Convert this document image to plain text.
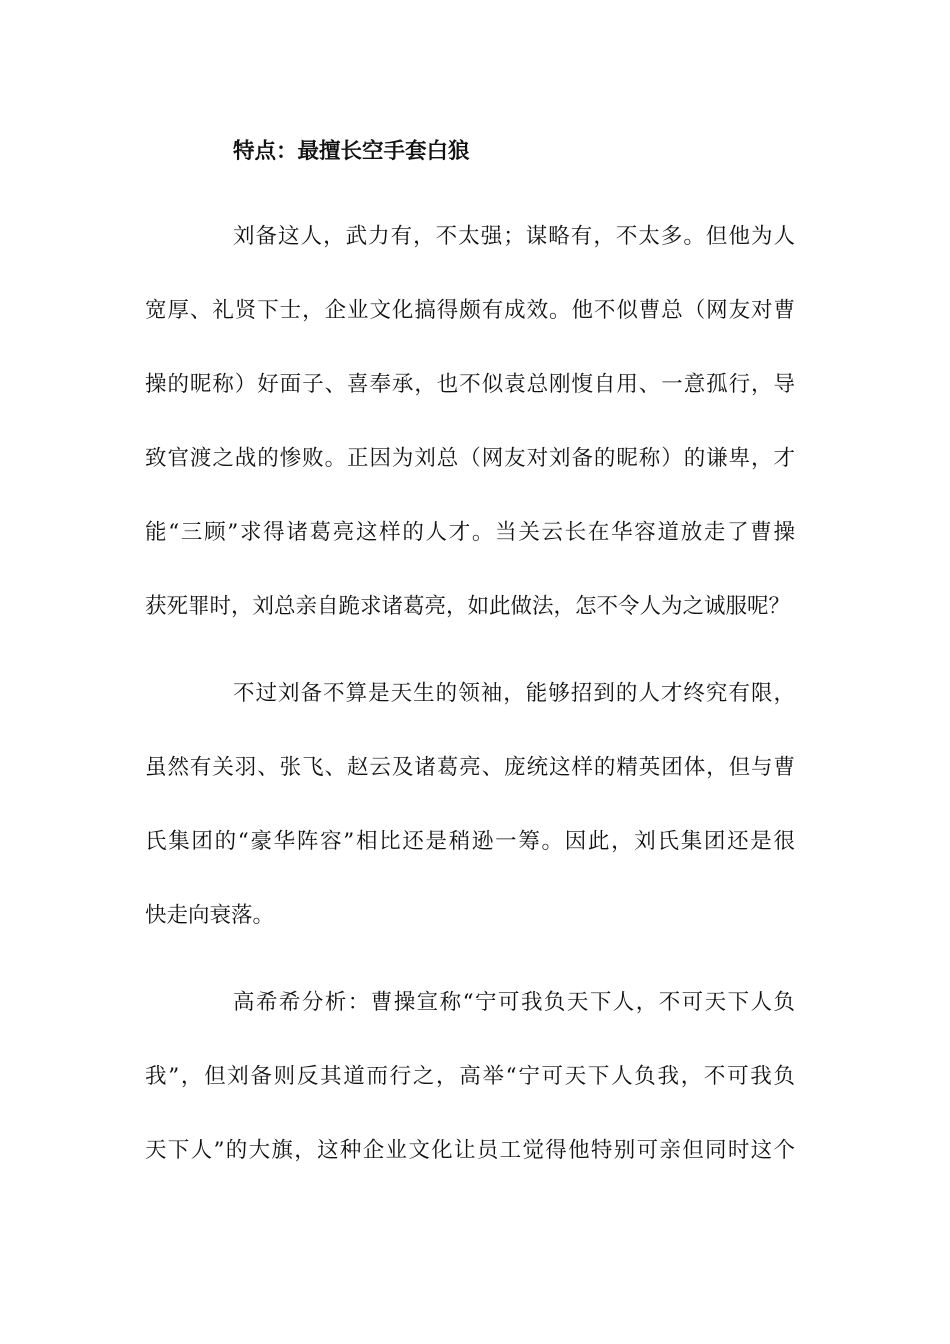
特点：最擅长空手套白狼
刘备这人，武力有，不太强；谋略有，不太多。但他为人
宽厚、礼贤下士，企业文化搞得颇有成效。他不似曹总（网友对曹
操的昵称）好面子、喜奉承，也不似袁总刚愎自用、一意孤行，导
致官渡之战的惨败。正因为刘总（网友对刘备的昵称）的谦卑，才
能“三顾”求得诸葛亮这样的人才。当关云长在华容道放走了曹操
获死罪时，刘总亲自跪求诸葛亮，如此做法，怎不令人为之诚服呢？
不过刘备不算是天生的领袖，能够招到的人才终究有限，
虽然有关羽、张飞、赵云及诸葛亮、庞统这样的精英团体，但与曹
氏集团的“豪华阵容”相比还是稍逊一筹。因此，刘氏集团还是很
快走向衰落。
高希希分析：曹操宣称“宁可我负天下人，不可天下人负
我”，但刘备则反其道而行之，高举“宁可天下人负我，不可我负
天下人”的大旗，这种企业文化让员工觉得他特别可亲但同时这个
